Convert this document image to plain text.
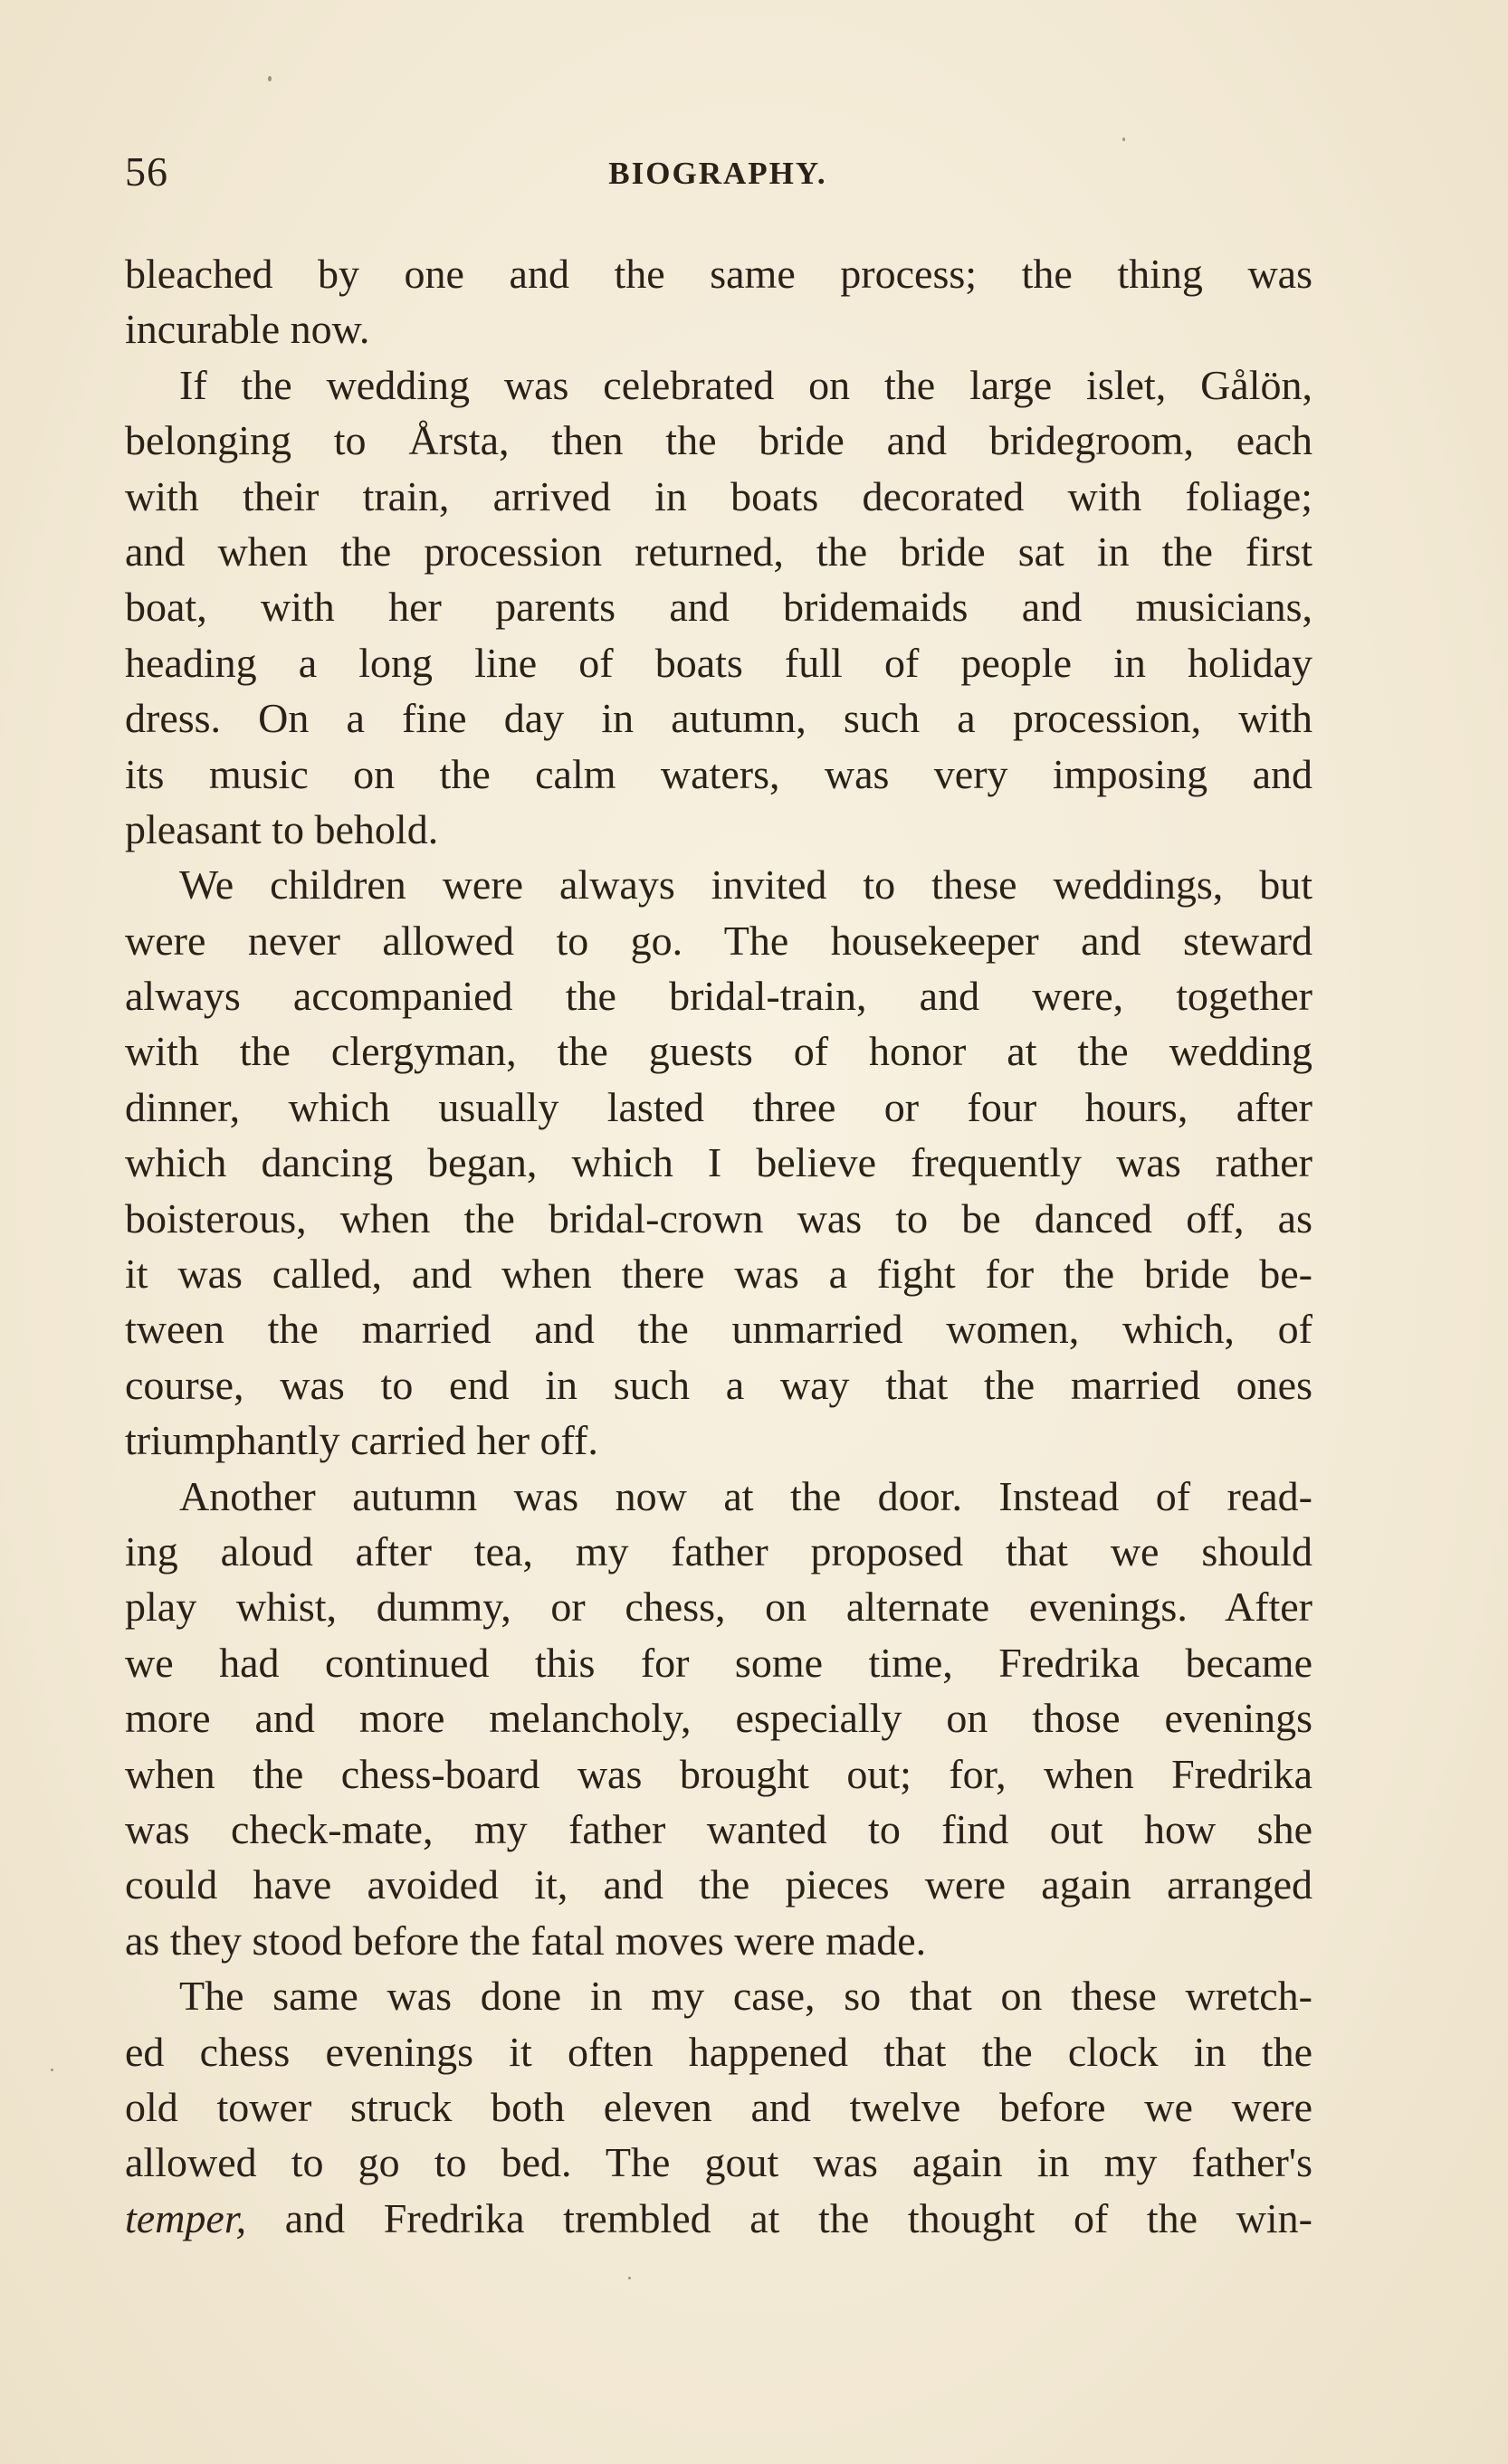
56	BIOGRAPHY.
bleached by one and the same process; the thing was
incurable now.
If the wedding was celebrated on the large islet, Gålön,
belonging to Årsta, then the bride and bridegroom, each
with their train, arrived in boats decorated with foliage;
and when the procession returned, the bride sat in the first
boat, with her parents and bridemaids and musicians,
heading a long line of boats full of people in holiday
dress. On a fine day in autumn, such a procession, with
its music on the calm waters, was very imposing and
pleasant to behold.
We children were always invited to these weddings, but
were never allowed to go. The housekeeper and steward
always accompanied the bridal-train, and were, together
with the clergyman, the guests of honor at the wedding
dinner, which usually lasted three or four hours, after
which dancing began, which I believe frequently was rather
boisterous, when the bridal-crown was to be danced off, as
it was called, and when there was a fight for the bride be-
tween the married and the unmarried women, which, of
course, was to end in such a way that the married ones
triumphantly carried her off.
Another autumn was now at the door. Instead of read-
ing aloud after tea, my father proposed that we should
play whist, dummy, or chess, on alternate evenings. After
we had continued this for some time, Fredrika became
more and more melancholy, especially on those evenings
when the chess-board was brought out; for, when Fredrika
was check-mate, my father wanted to find out how she
could have avoided it, and the pieces were again arranged
as they stood before the fatal moves were made.
The same was done in my case, so that on these wretch-
ed chess evenings it often happened that the clock in the
old tower struck both eleven and twelve before we were
allowed to go to bed. The gout was again in my father's
temper, and Fredrika trembled at the thought of the win-
